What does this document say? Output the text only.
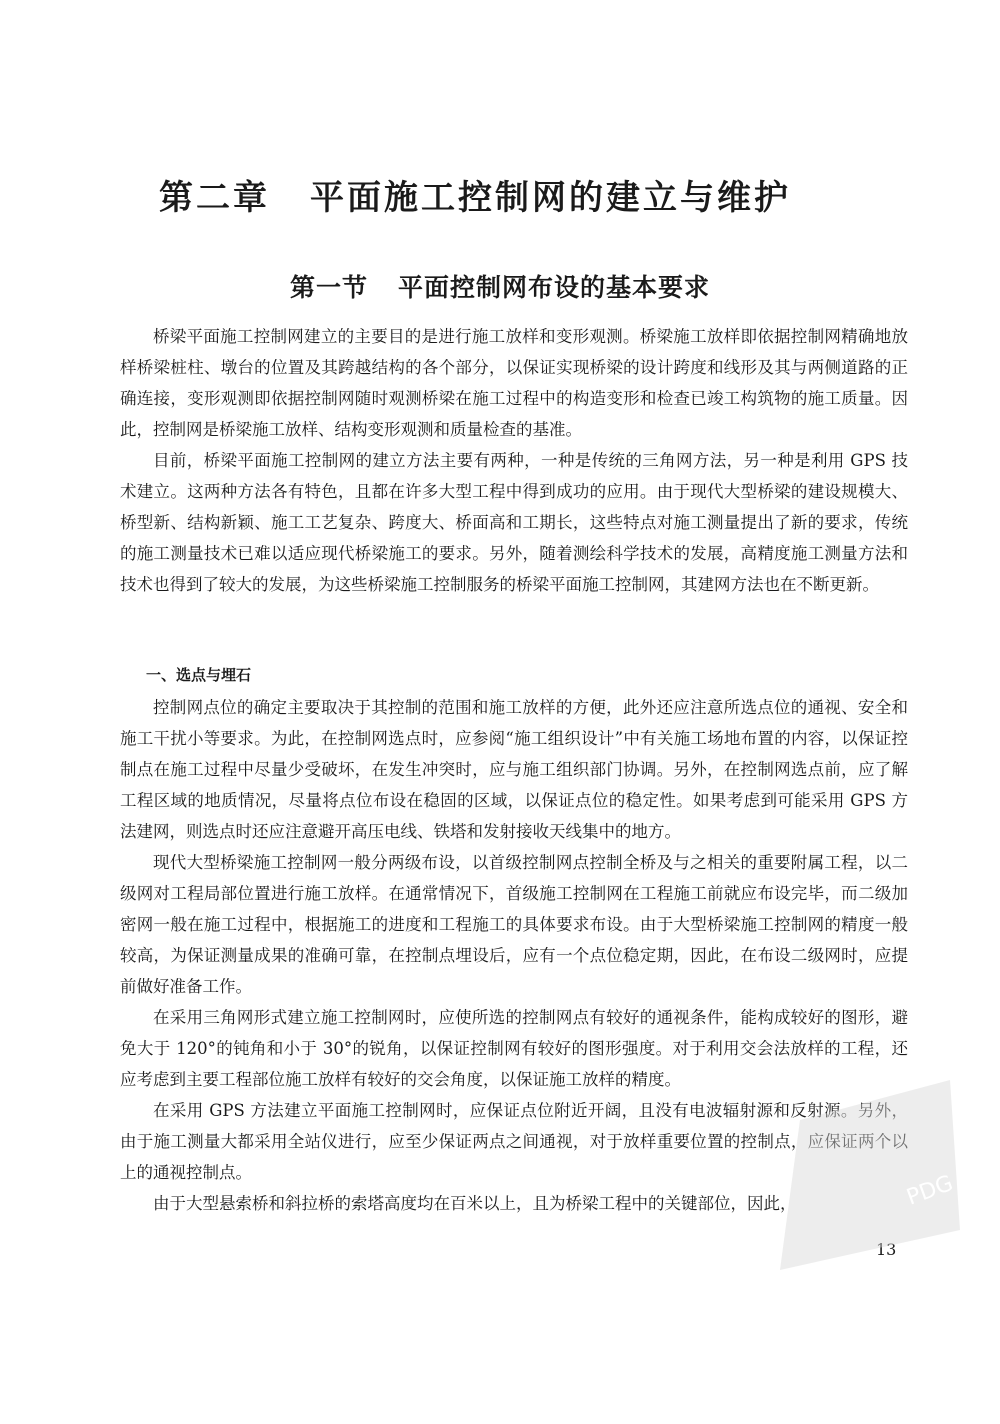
第二章 平面施工控制网的建立与维护
第一节 平面控制网布设的基本要求

桥梁平面施工控制网建立的主要目的是进行施工放样和变形观测。桥梁施工放样即依据控制网精确地放样桥梁桩柱、墩台的位置及其跨越结构的各个部分，以保证实现桥梁的设计跨度和线形及其与两侧道路的正确连接，变形观测即依据控制网随时观测桥梁在施工过程中的构造变形和检查已竣工构筑物的施工质量。因此，控制网是桥梁施工放样、结构变形观测和质量检查的基准。

目前，桥梁平面施工控制网的建立方法主要有两种，一种是传统的三角网方法，另一种是利用 GPS 技术建立。这两种方法各有特色，且都在许多大型工程中得到成功的应用。由于现代大型桥梁的建设规模大、桥型新、结构新颖、施工工艺复杂、跨度大、桥面高和工期长，这些特点对施工测量提出了新的要求，传统的施工测量技术已难以适应现代桥梁施工的要求。另外，随着测绘科学技术的发展，高精度施工测量方法和技术也得到了较大的发展，为这些桥梁施工控制服务的桥梁平面施工控制网，其建网方法也在不断更新。

一、选点与埋石

控制网点位的确定主要取决于其控制的范围和施工放样的方便，此外还应注意所选点位的通视、安全和施工干扰小等要求。为此，在控制网选点时，应参阅“施工组织设计”中有关施工场地布置的内容，以保证控制点在施工过程中尽量少受破坏，在发生冲突时，应与施工组织部门协调。另外，在控制网选点前，应了解工程区域的地质情况，尽量将点位布设在稳固的区域，以保证点位的稳定性。如果考虑到可能采用 GPS 方法建网，则选点时还应注意避开高压电线、铁塔和发射接收天线集中的地方。

现代大型桥梁施工控制网一般分两级布设，以首级控制网点控制全桥及与之相关的重要附属工程，以二级网对工程局部位置进行施工放样。在通常情况下，首级施工控制网在工程施工前就应布设完毕，而二级加密网一般在施工过程中，根据施工的进度和工程施工的具体要求布设。由于大型桥梁施工控制网的精度一般较高，为保证测量成果的准确可靠，在控制点埋设后，应有一个点位稳定期，因此，在布设二级网时，应提前做好准备工作。

在采用三角网形式建立施工控制网时，应使所选的控制网点有较好的通视条件，能构成较好的图形，避免大于 120°的钝角和小于 30°的锐角，以保证控制网有较好的图形强度。对于利用交会法放样的工程，还应考虑到主要工程部位施工放样有较好的交会角度，以保证施工放样的精度。

在采用 GPS 方法建立平面施工控制网时，应保证点位附近开阔，且没有电波辐射源和反射源。另外，由于施工测量大都采用全站仪进行，应至少保证两点之间通视，对于放样重要位置的控制点，应保证两个以上的通视控制点。

由于大型悬索桥和斜拉桥的索塔高度均在百米以上，且为桥梁工程中的关键部位，因此，

13
PDG
